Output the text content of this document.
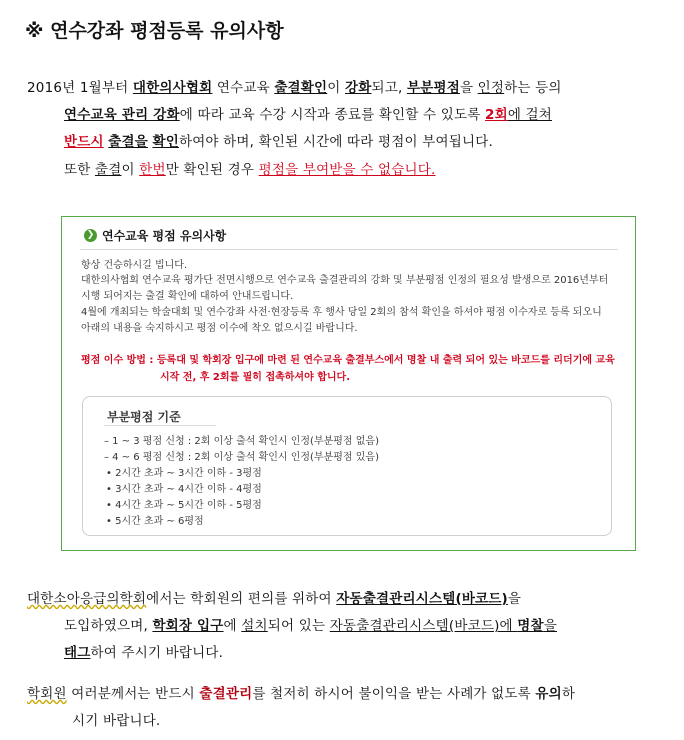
※ 연수강좌 평점등록 유의사항
2016년 1월부터 대한의사협회 연수교육 출결확인이 강화되고, 부분평점을 인정하는 등의
연수교육 관리 강화에 따라 교육 수강 시작과 종료를 확인할 수 있도록 2회에 걸쳐
반드시 출결을 확인하여야 하며, 확인된 시간에 따라 평점이 부여됩니다.
또한 출결이 한번만 확인된 경우 평점을 부여받을 수 없습니다.
❯ 연수교육 평점 유의사항
항상 건승하시길 빕니다.
대한의사협회 연수교육 평가단 전면시행으로 연수교육 출결관리의 강화 및 부분평점 인정의 필요성 발생으로 2016년부터
시행 되어지는 출결 확인에 대하여 안내드립니다.
4월에 개최되는 학술대회 및 연수강좌 사전·현장등록 후 행사 당일 2회의 참석 확인을 하셔야 평점 이수자로 등록 되오니
아래의 내용을 숙지하시고 평점 이수에 착오 없으시길 바랍니다.
평점 이수 방법 : 등록대 및 학회장 입구에 마련 된 연수교육 출결부스에서 명찰 내 출력 되어 있는 바코드를 리더기에 교육
시작 전, 후 2회를 필히 접촉하셔야 합니다.
부분평점 기준
– 1 ~ 3 평점 신청 : 2회 이상 출석 확인시 인정(부분평점 없음)
– 4 ~ 6 평점 신청 : 2회 이상 출석 확인시 인정(부분평점 있음)
• 2시간 초과 ~ 3시간 이하 - 3평점
• 3시간 초과 ~ 4시간 이하 - 4평점
• 4시간 초과 ~ 5시간 이하 - 5평점
• 5시간 초과 ~ 6평점
대한소아응급의학회에서는 학회원의 편의를 위하여 자동출결관리시스템(바코드)을
도입하였으며, 학회장 입구에 설치되어 있는 자동출결관리시스템(바코드)에 명찰을
태그하여 주시기 바랍니다.
학회원 여러분께서는 반드시 출결관리를 철저히 하시어 불이익을 받는 사례가 없도록 유의하
시기 바랍니다.
